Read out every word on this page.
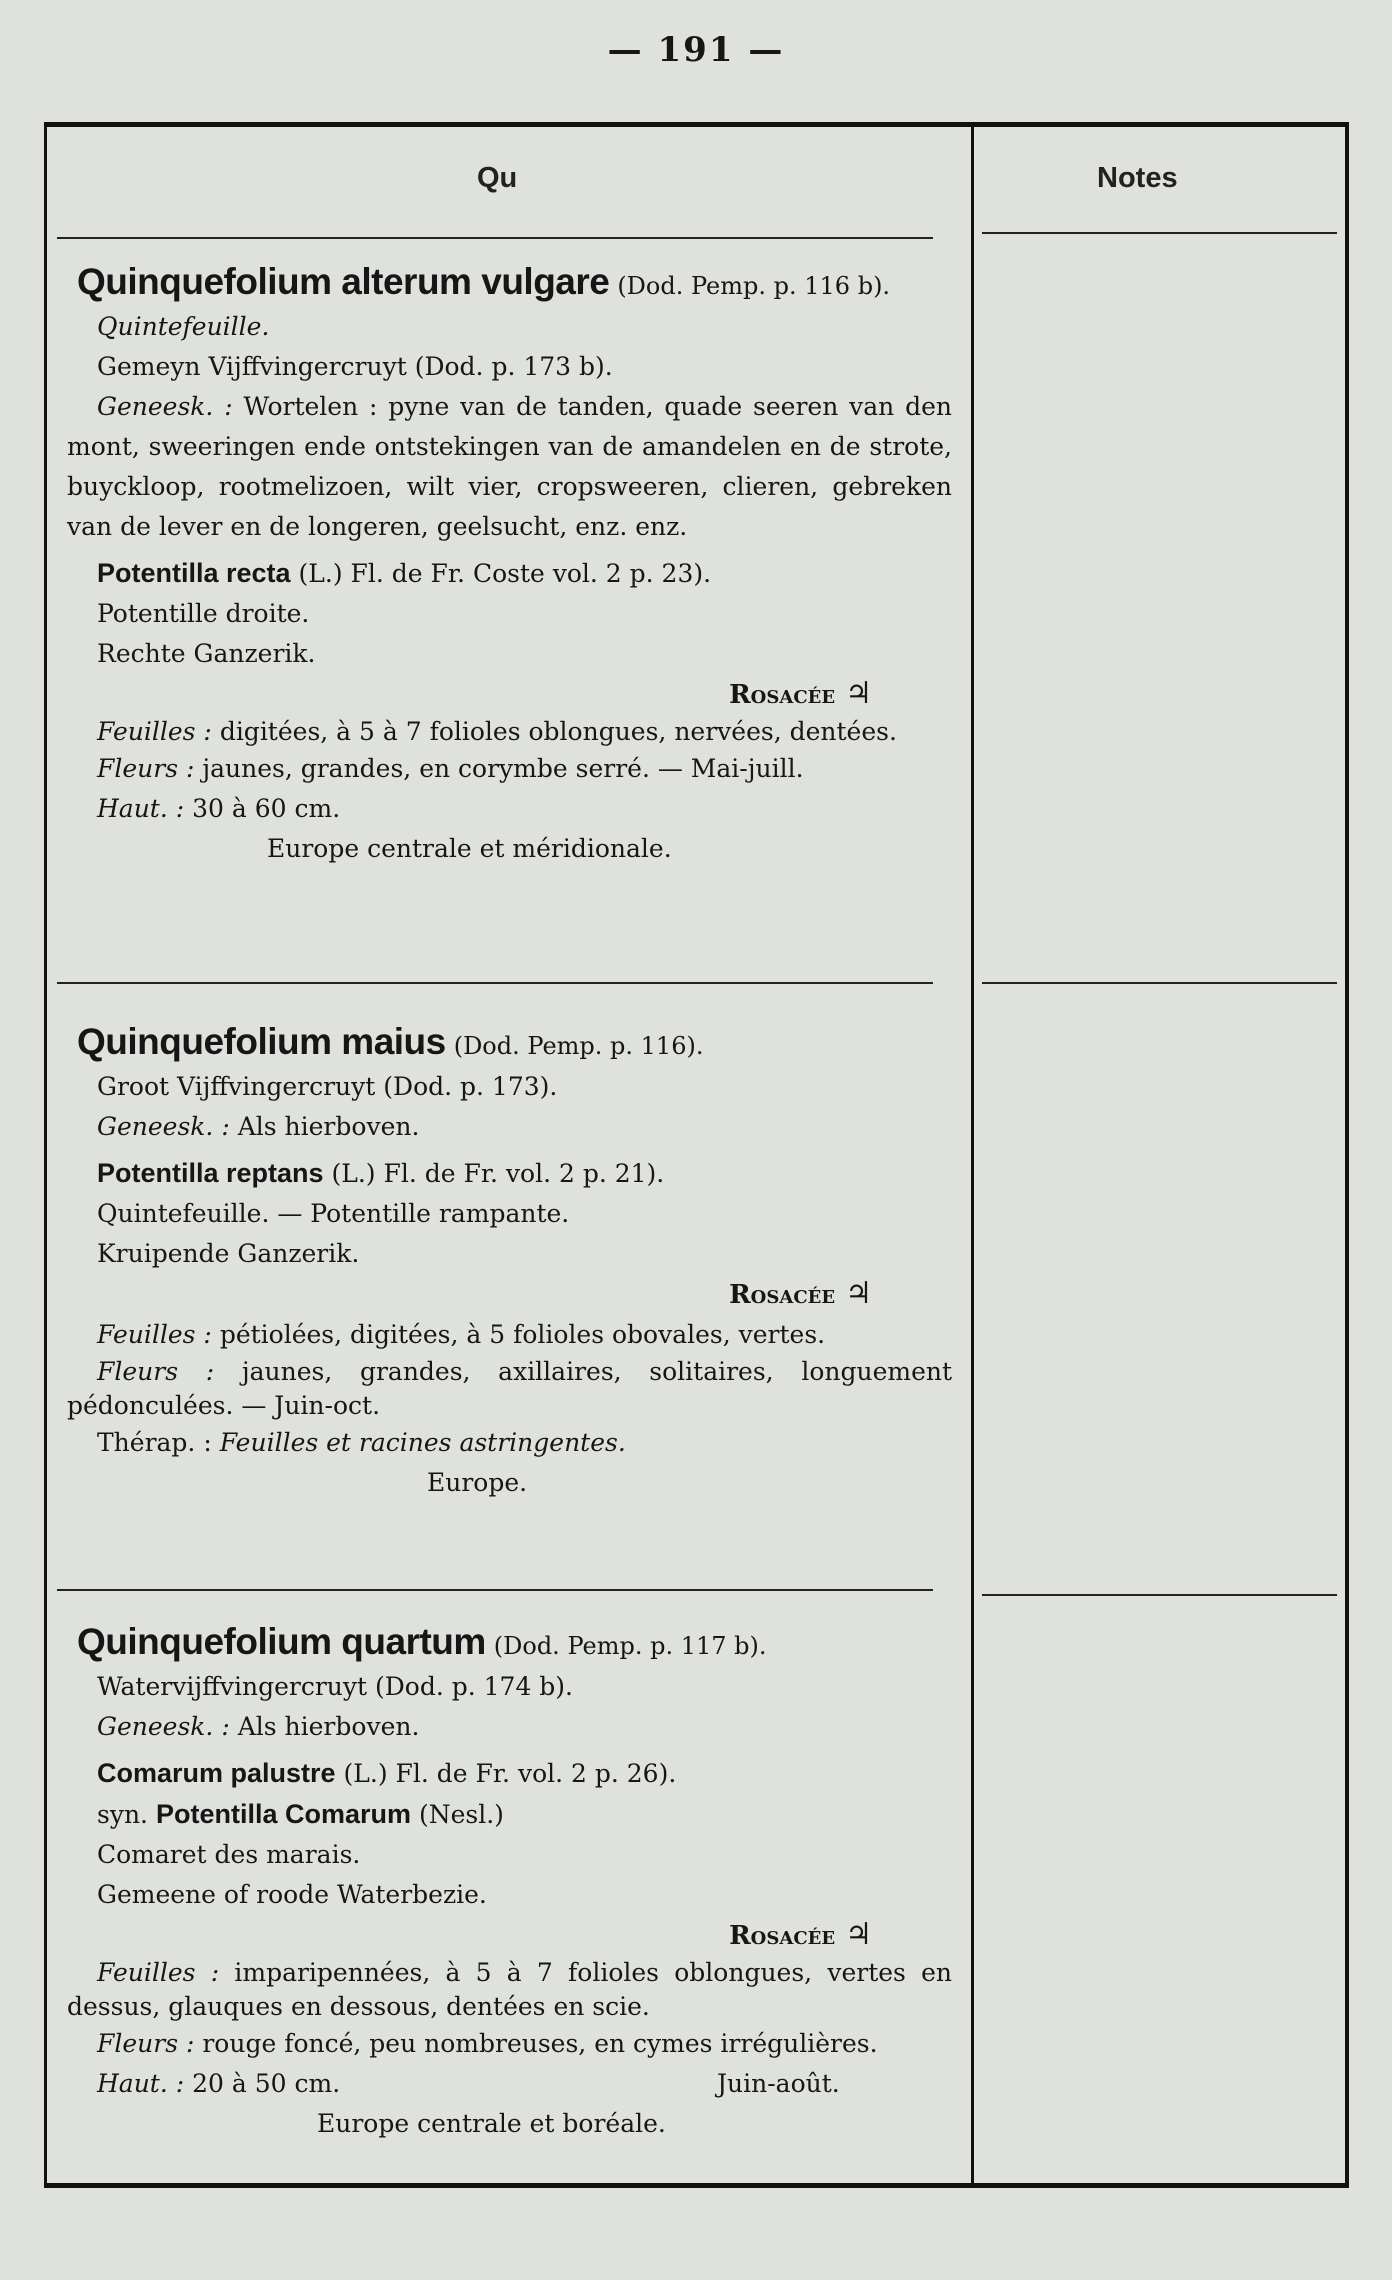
— 191 —
Qu	Notes
Quinquefolium alterum vulgare (Dod. Pemp. p. 116 b).
Quintefeuille.
Gemeyn Vijffvingercruyt (Dod. p. 173 b).
Geneesk. : Wortelen : pyne van de tanden, quade seeren van den mont, sweeringen ende ontstekingen van de amandelen en de strote, buyckloop, rootmelizoen, wilt vier, cropsweeren, clieren, gebreken van de lever en de longeren, geelsucht, enz. enz.
Potentilla recta (L.) Fl. de Fr. Coste vol. 2 p. 23).
Potentille droite.
Rechte Ganzerik.
Rosacée ♃
Feuilles : digitées, à 5 à 7 folioles oblongues, nervées, dentées.
Fleurs : jaunes, grandes, en corymbe serré. — Mai-juill.
Haut. : 30 à 60 cm.
Europe centrale et méridionale.
Quinquefolium maius (Dod. Pemp. p. 116).
Groot Vijffvingercruyt (Dod. p. 173).
Geneesk. : Als hierboven.
Potentilla reptans (L.) Fl. de Fr. vol. 2 p. 21).
Quintefeuille. — Potentille rampante.
Kruipende Ganzerik.
Rosacée ♃
Feuilles : pétiolées, digitées, à 5 folioles obovales, vertes.
Fleurs : jaunes, grandes, axillaires, solitaires, longuement pédonculées. — Juin-oct.
Thérap. : Feuilles et racines astringentes.
Europe.
Quinquefolium quartum (Dod. Pemp. p. 117 b).
Watervijffvingercruyt (Dod. p. 174 b).
Geneesk. : Als hierboven.
Comarum palustre (L.) Fl. de Fr. vol. 2 p. 26).
syn. Potentilla Comarum (Nesl.)
Comaret des marais.
Gemeene of roode Waterbezie.
Rosacée ♃
Feuilles : imparipennées, à 5 à 7 folioles oblongues, vertes en dessus, glauques en dessous, dentées en scie.
Fleurs : rouge foncé, peu nombreuses, en cymes irrégulières.
Haut. : 20 à 50 cm.	Juin-août.
Europe centrale et boréale.
